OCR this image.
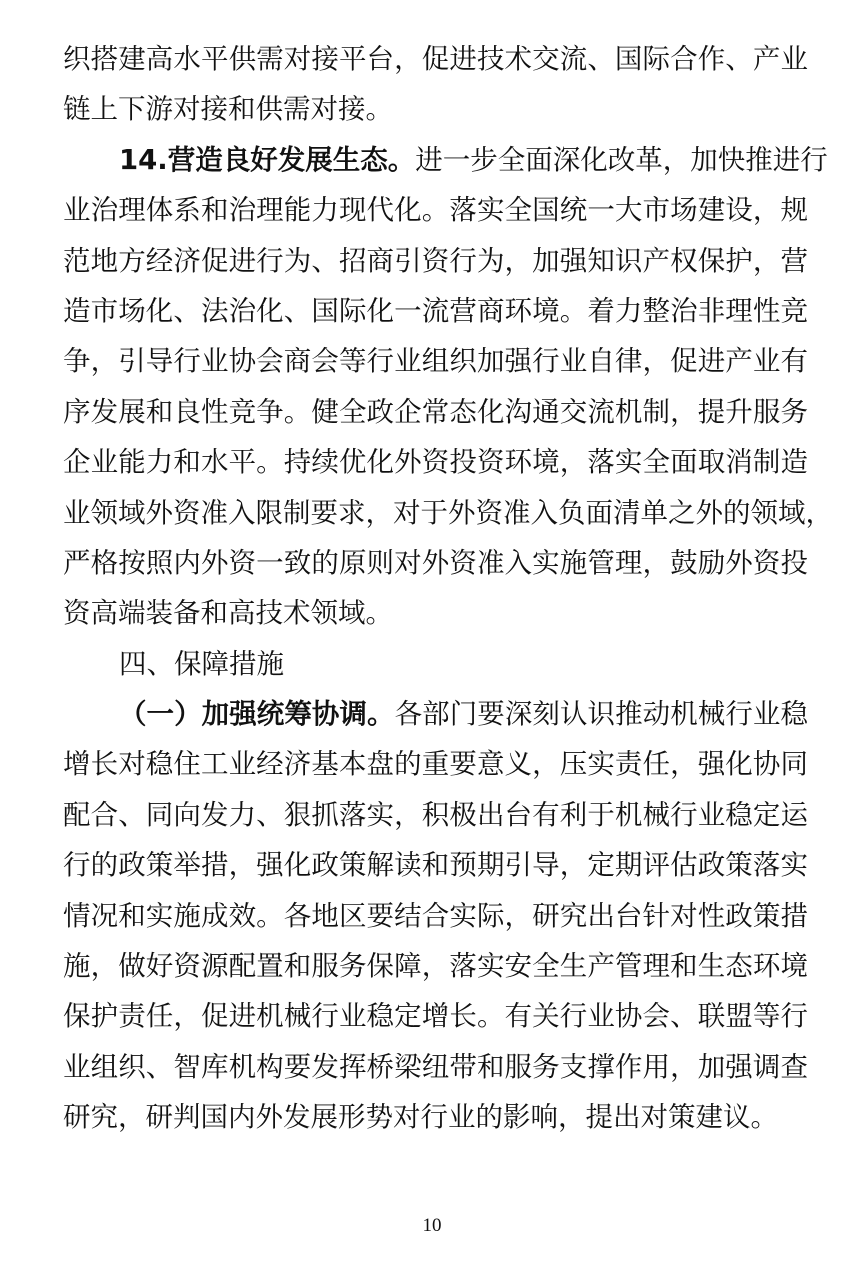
织搭建高水平供需对接平台，促进技术交流、国际合作、产业
链上下游对接和供需对接。
14.营造良好发展生态。进一步全面深化改革，加快推进行
业治理体系和治理能力现代化。落实全国统一大市场建设，规
范地方经济促进行为、招商引资行为，加强知识产权保护，营
造市场化、法治化、国际化一流营商环境。着力整治非理性竞
争，引导行业协会商会等行业组织加强行业自律，促进产业有
序发展和良性竞争。健全政企常态化沟通交流机制，提升服务
企业能力和水平。持续优化外资投资环境，落实全面取消制造
业领域外资准入限制要求，对于外资准入负面清单之外的领域，
严格按照内外资一致的原则对外资准入实施管理，鼓励外资投
资高端装备和高技术领域。
四、保障措施
（一）加强统筹协调。各部门要深刻认识推动机械行业稳
增长对稳住工业经济基本盘的重要意义，压实责任，强化协同
配合、同向发力、狠抓落实，积极出台有利于机械行业稳定运
行的政策举措，强化政策解读和预期引导，定期评估政策落实
情况和实施成效。各地区要结合实际，研究出台针对性政策措
施，做好资源配置和服务保障，落实安全生产管理和生态环境
保护责任，促进机械行业稳定增长。有关行业协会、联盟等行
业组织、智库机构要发挥桥梁纽带和服务支撑作用，加强调查
研究，研判国内外发展形势对行业的影响，提出对策建议。
10
